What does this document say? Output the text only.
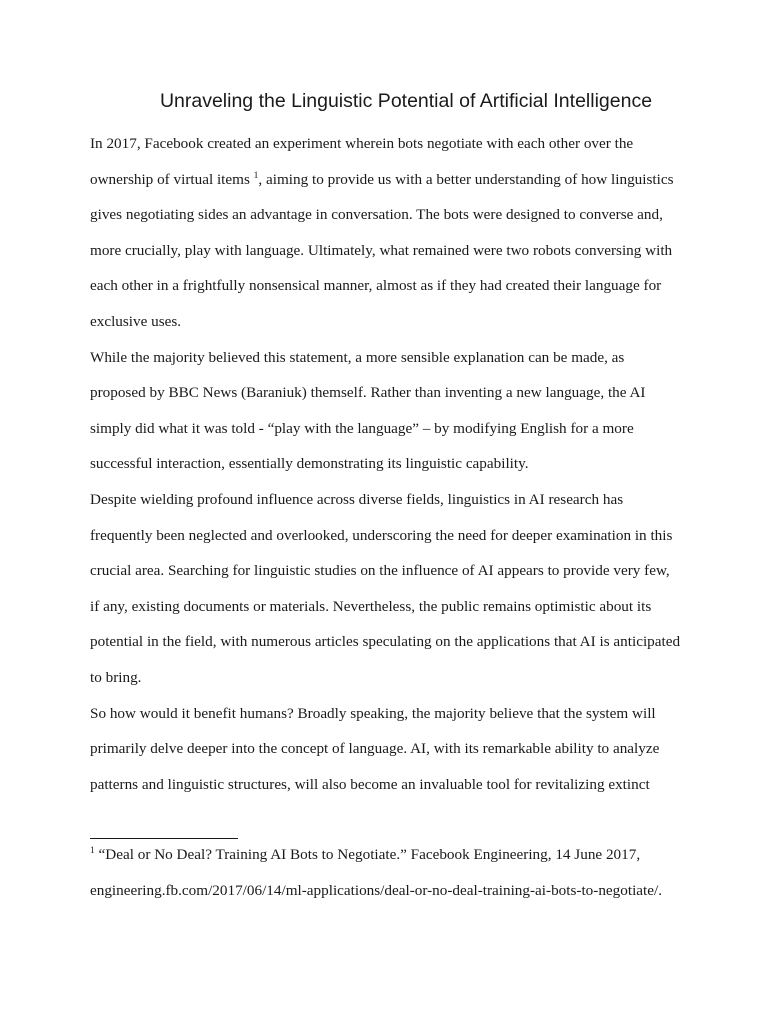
Unraveling the Linguistic Potential of Artificial Intelligence

In 2017, Facebook created an experiment wherein bots negotiate with each other over the ownership of virtual items $^1$, aiming to provide us with a better understanding of how linguistics gives negotiating sides an advantage in conversation. The bots were designed to converse and, more crucially, play with language. Ultimately, what remained were two robots conversing with each other in a frightfully nonsensical manner, almost as if they had created their language for exclusive uses.

While the majority believed this statement, a more sensible explanation can be made, as proposed by BBC News (Baraniuk) themself. Rather than inventing a new language, the AI simply did what it was told - “play with the language” – by modifying English for a more successful interaction, essentially demonstrating its linguistic capability.

Despite wielding profound influence across diverse fields, linguistics in AI research has frequently been neglected and overlooked, underscoring the need for deeper examination in this crucial area. Searching for linguistic studies on the influence of AI appears to provide very few, if any, existing documents or materials. Nevertheless, the public remains optimistic about its potential in the field, with numerous articles speculating on the applications that AI is anticipated to bring.

So how would it benefit humans? Broadly speaking, the majority believe that the system will primarily delve deeper into the concept of language. AI, with its remarkable ability to analyze patterns and linguistic structures, will also become an invaluable tool for revitalizing extinct

$^1$ “Deal or No Deal? Training AI Bots to Negotiate.” Facebook Engineering, 14 June 2017,
engineering.fb.com/2017/06/14/ml-applications/deal-or-no-deal-training-ai-bots-to-negotiate/.
